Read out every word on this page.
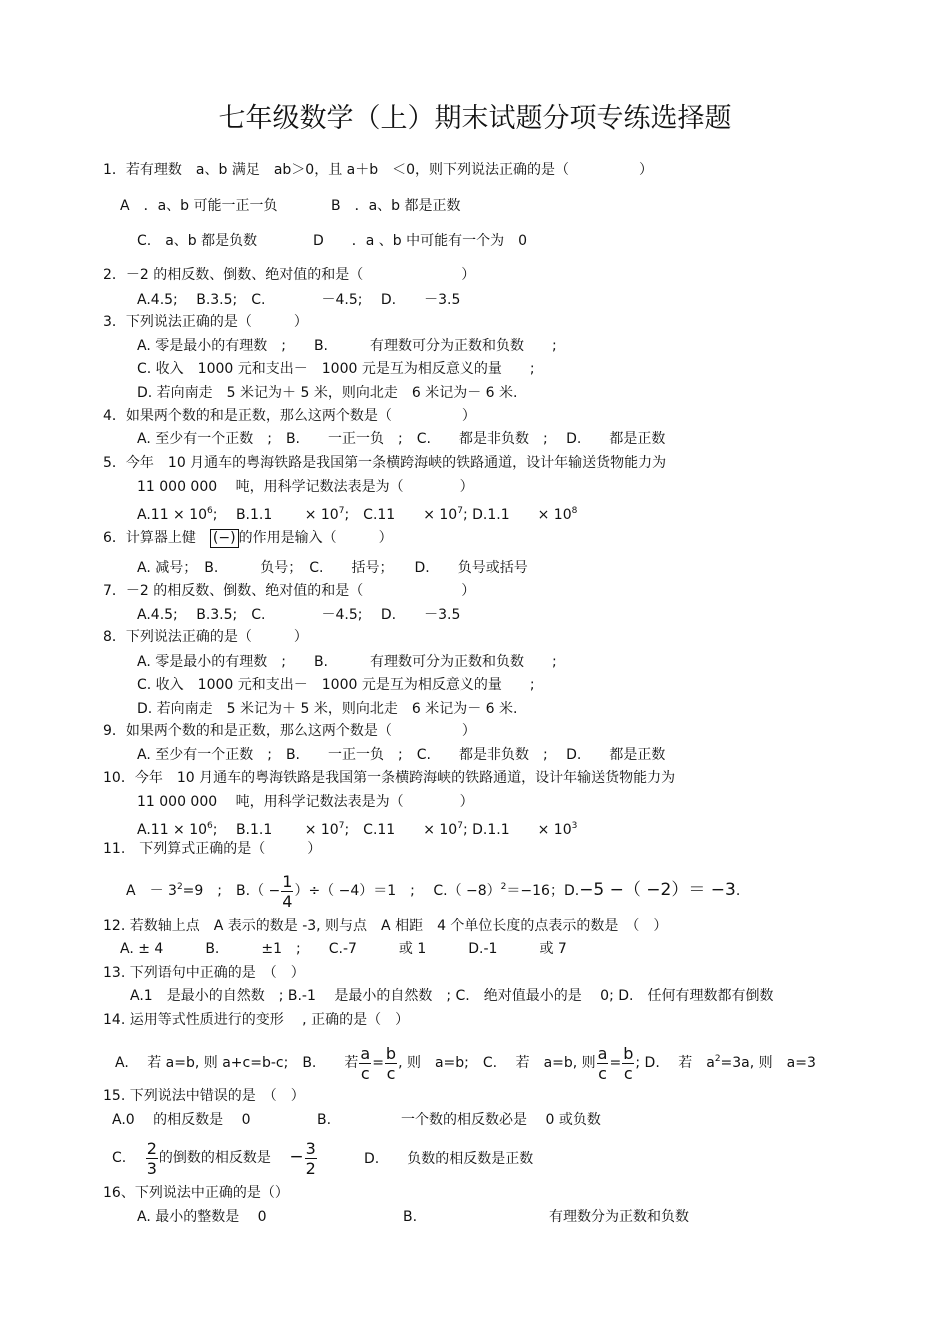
七年级数学（上）期末试题分项专练选择题
1．若有理数　a、b 满足　ab＞0，且 a＋b　＜0，则下列说法正确的是（　　　　　）
A　．a、b 可能一正一负	B　．a、b 都是正数
C.　a、b 都是负数	D　　．a 、b 中可能有一个为　0
2．－2 的相反数、倒数、绝对值的和是（　　　　　　　）
A.4.5;　 B.3.5;　C.　　　　－4.5;　 D.　　－3.5
3．下列说法正确的是（　　　）
A. 零是最小的有理数　;　　B.　　　有理数可分为正数和负数　　;
C. 收入　1000 元和支出－　1000 元是互为相反意义的量　　;
D. 若向南走　5 米记为＋ 5 米，则向北走　6 米记为－ 6 米.
4．如果两个数的和是正数，那么这两个数是（　　　　　）
A. 至少有一个正数　;　B.　　一正一负　;　C.　　都是非负数　;　 D.　　都是正数
5．今年　10 月通车的粤海铁路是我国第一条横跨海峡的铁路通道，设计年输送货物能力为
11 000 000　 吨，用科学记数法表是为（　　　　）
$A.11 \times 10^6$;　 B.1.1　　 × $10^7$;　C.11　　× $10^7$; D.1.1　　× $10^8$
6．计算器上健　 (−) 的作用是输入（　　　）
A. 减号；　B.　　　负号；　C.　　括号；　　D.　　负号或括号
7．－2 的相反数、倒数、绝对值的和是（　　　　　　　）
A.4.5;　 B.3.5;　C.　　　　－4.5;　 D.　　－3.5
8．下列说法正确的是（　　　）
A. 零是最小的有理数　;　　B.　　　有理数可分为正数和负数　　;
C. 收入　1000 元和支出－　1000 元是互为相反意义的量　　;
D. 若向南走　5 米记为＋ 5 米，则向北走　6 米记为－ 6 米.
9．如果两个数的和是正数，那么这两个数是（　　　　　）
A. 至少有一个正数　;　B.　　一正一负　;　C.　　都是非负数　;　 D.　　都是正数
10．今年　10 月通车的粤海铁路是我国第一条横跨海峡的铁路通道，设计年输送货物能力为
11 000 000　 吨，用科学记数法表是为（　　　　）
$A.11 \times 10^6$;　 B.1.1　　 × $10^7$;　C.11　　× $10^7$; D.1.1　　× $10^3$
11.　下列算式正确的是（　　　）
A　－ $3^2=9$　;　$B.( - \frac{1}{4}$ ）÷（ −4）＝1　;　 $C.( -8)^2=-16$；D.−5 −（ −2）＝ −3.
12. 若数轴上点　A 表示的数是 -3, 则与点　A 相距　4 个单位长度的点表示的数是　（　）
A. ± 4　　　B.　　　±1　;　　C.-7　　　或 1　　　D.-1　　　或 7
13. 下列语句中正确的是　（　）
A.1　是最小的自然数　; B.-1　 是最小的自然数　; C.　绝对值最小的是　 0; D.　任何有理数都有倒数
14. 运用等式性质进行的变形　 , 正确的是（　）
A.　 若 a=b, 则 a+c=b-c;　B.　　若 $\frac{a}{c} = \frac{b}{c}$ , 则　a=b;　C.　 若　a=b, 则 $\frac{a}{c} = \frac{b}{c}$ ; D.　 若　$a^2=3a$, 则　a=3
15. 下列说法中错误的是　（　）
A.0　 的相反数是　 0	B.　　　　　一个数的相反数必是　 0 或负数
C.　 $\frac{2}{3}$ 的倒数的相反数是　 − $\frac{3}{2}$	D.　　负数的相反数是正数
16、下列说法中正确的是（）
A. 最小的整数是　 0	B.	有理数分为正数和负数
